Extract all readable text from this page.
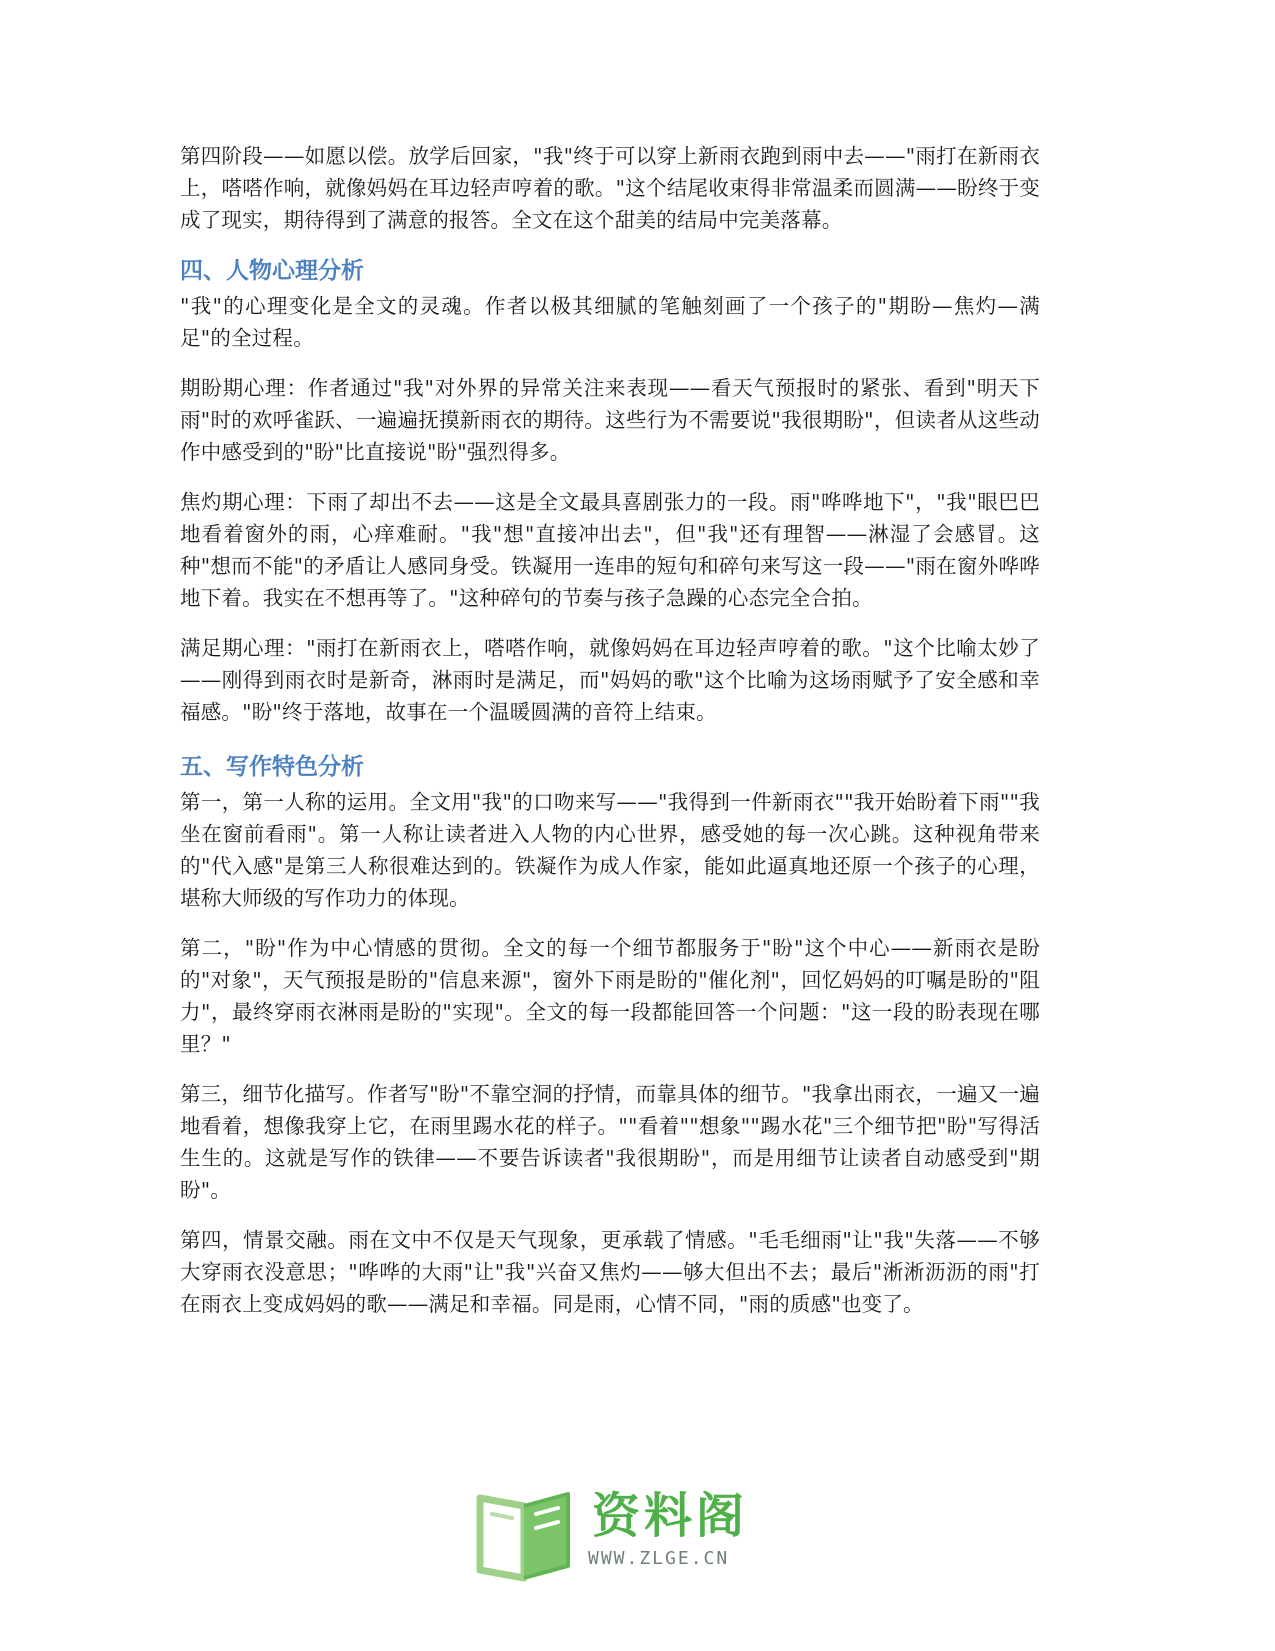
第四阶段——如愿以偿。放学后回家，"我"终于可以穿上新雨衣跑到雨中去——"雨打在新雨衣上，嗒嗒作响，就像妈妈在耳边轻声哼着的歌。"这个结尾收束得非常温柔而圆满——盼终于变成了现实，期待得到了满意的报答。全文在这个甜美的结局中完美落幕。

四、人物心理分析

"我"的心理变化是全文的灵魂。作者以极其细腻的笔触刻画了一个孩子的"期盼—焦灼—满足"的全过程。

期盼期心理：作者通过"我"对外界的异常关注来表现——看天气预报时的紧张、看到"明天下雨"时的欢呼雀跃、一遍遍抚摸新雨衣的期待。这些行为不需要说"我很期盼"，但读者从这些动作中感受到的"盼"比直接说"盼"强烈得多。

焦灼期心理：下雨了却出不去——这是全文最具喜剧张力的一段。雨"哗哗地下"，"我"眼巴巴地看着窗外的雨，心痒难耐。"我"想"直接冲出去"，但"我"还有理智——淋湿了会感冒。这种"想而不能"的矛盾让人感同身受。铁凝用一连串的短句和碎句来写这一段——"雨在窗外哗哗地下着。我实在不想再等了。"这种碎句的节奏与孩子急躁的心态完全合拍。

满足期心理："雨打在新雨衣上，嗒嗒作响，就像妈妈在耳边轻声哼着的歌。"这个比喻太妙了——刚得到雨衣时是新奇，淋雨时是满足，而"妈妈的歌"这个比喻为这场雨赋予了安全感和幸福感。"盼"终于落地，故事在一个温暖圆满的音符上结束。

五、写作特色分析

第一，第一人称的运用。全文用"我"的口吻来写——"我得到一件新雨衣""我开始盼着下雨""我坐在窗前看雨"。第一人称让读者进入人物的内心世界，感受她的每一次心跳。这种视角带来的"代入感"是第三人称很难达到的。铁凝作为成人作家，能如此逼真地还原一个孩子的心理，堪称大师级的写作功力的体现。

第二，"盼"作为中心情感的贯彻。全文的每一个细节都服务于"盼"这个中心——新雨衣是盼的"对象"，天气预报是盼的"信息来源"，窗外下雨是盼的"催化剂"，回忆妈妈的叮嘱是盼的"阻力"，最终穿雨衣淋雨是盼的"实现"。全文的每一段都能回答一个问题："这一段的盼表现在哪里？"

第三，细节化描写。作者写"盼"不靠空洞的抒情，而靠具体的细节。"我拿出雨衣，一遍又一遍地看着，想像我穿上它，在雨里踢水花的样子。""看着""想象""踢水花"三个细节把"盼"写得活生生的。这就是写作的铁律——不要告诉读者"我很期盼"，而是用细节让读者自动感受到"期盼"。

第四，情景交融。雨在文中不仅是天气现象，更承载了情感。"毛毛细雨"让"我"失落——不够大穿雨衣没意思；"哗哗的大雨"让"我"兴奋又焦灼——够大但出不去；最后"淅淅沥沥的雨"打在雨衣上变成妈妈的歌——满足和幸福。同是雨，心情不同，"雨的质感"也变了。

资料阁
WWW.ZLGE.CN
